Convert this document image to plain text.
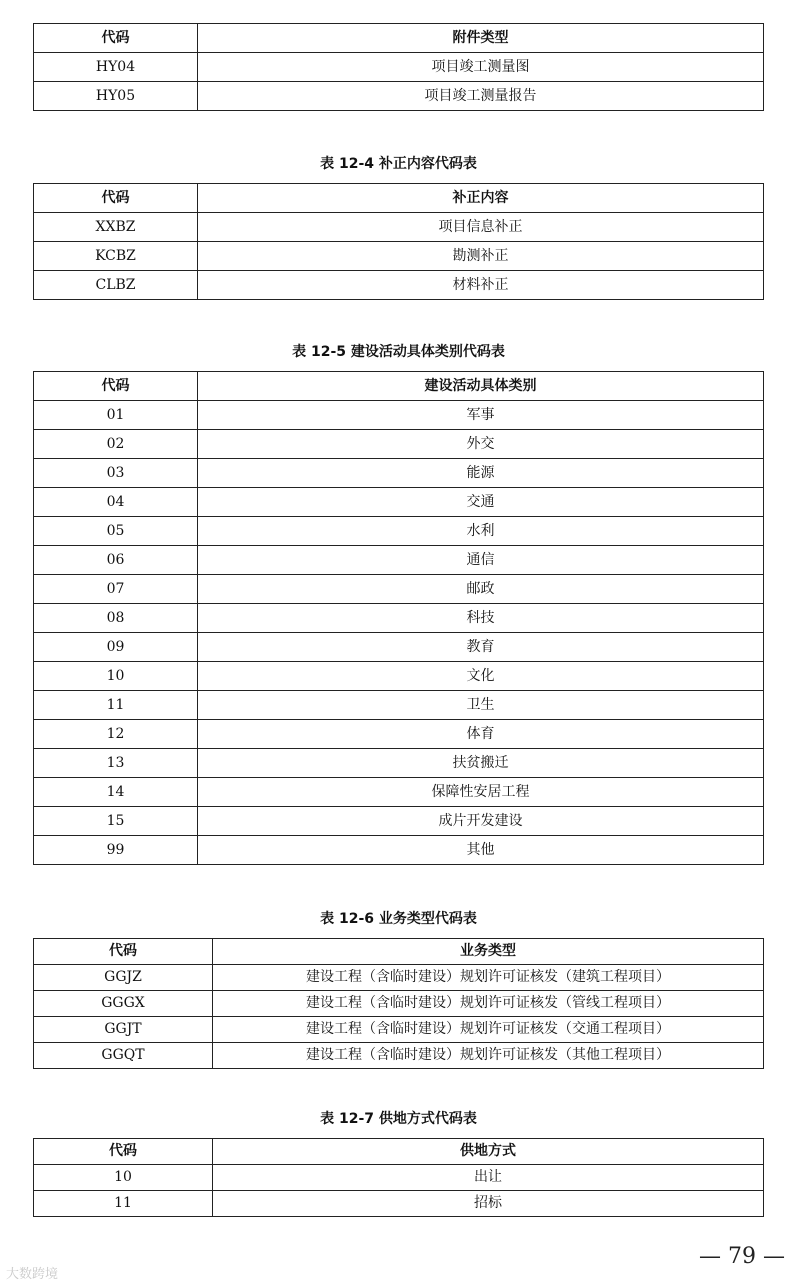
代码	附件类型
HY04	项目竣工测量图
HY05	项目竣工测量报告
表 12-4 补正内容代码表
代码	补正内容
XXBZ	项目信息补正
KCBZ	勘测补正
CLBZ	材料补正
表 12-5 建设活动具体类别代码表
代码	建设活动具体类别
01	军事
02	外交
03	能源
04	交通
05	水利
06	通信
07	邮政
08	科技
09	教育
10	文化
11	卫生
12	体育
13	扶贫搬迁
14	保障性安居工程
15	成片开发建设
99	其他
表 12-6 业务类型代码表
代码	业务类型
GGJZ	建设工程（含临时建设）规划许可证核发（建筑工程项目）
GGGX	建设工程（含临时建设）规划许可证核发（管线工程项目）
GGJT	建设工程（含临时建设）规划许可证核发（交通工程项目）
GGQT	建设工程（含临时建设）规划许可证核发（其他工程项目）
表 12-7 供地方式代码表
代码	供地方式
10	出让
11	招标
— 79 —
大数跨境
